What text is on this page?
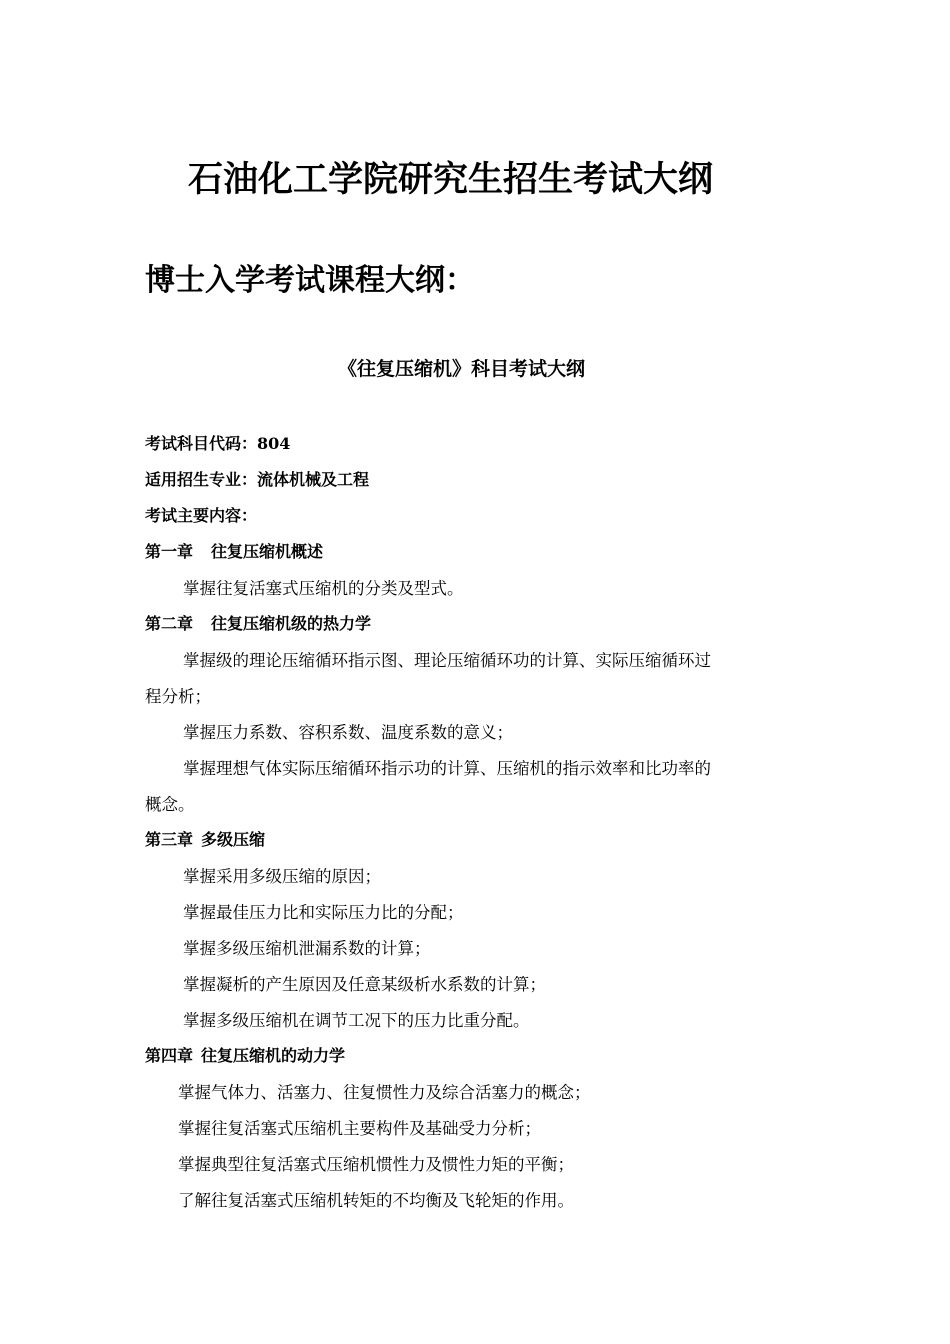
石油化工学院研究生招生考试大纲
博士入学考试课程大纲：
《往复压缩机》科目考试大纲
考试科目代码：804
适用招生专业：流体机械及工程
考试主要内容：
第一章 往复压缩机概述
掌握往复活塞式压缩机的分类及型式。
第二章 往复压缩机级的热力学
掌握级的理论压缩循环指示图、理论压缩循环功的计算、实际压缩循环过
程分析；
掌握压力系数、容积系数、温度系数的意义；
掌握理想气体实际压缩循环指示功的计算、压缩机的指示效率和比功率的
概念。
第三章 多级压缩
掌握采用多级压缩的原因；
掌握最佳压力比和实际压力比的分配；
掌握多级压缩机泄漏系数的计算；
掌握凝析的产生原因及任意某级析水系数的计算；
掌握多级压缩机在调节工况下的压力比重分配。
第四章 往复压缩机的动力学
掌握气体力、活塞力、往复惯性力及综合活塞力的概念；
掌握往复活塞式压缩机主要构件及基础受力分析；
掌握典型往复活塞式压缩机惯性力及惯性力矩的平衡；
了解往复活塞式压缩机转矩的不均衡及飞轮矩的作用。
